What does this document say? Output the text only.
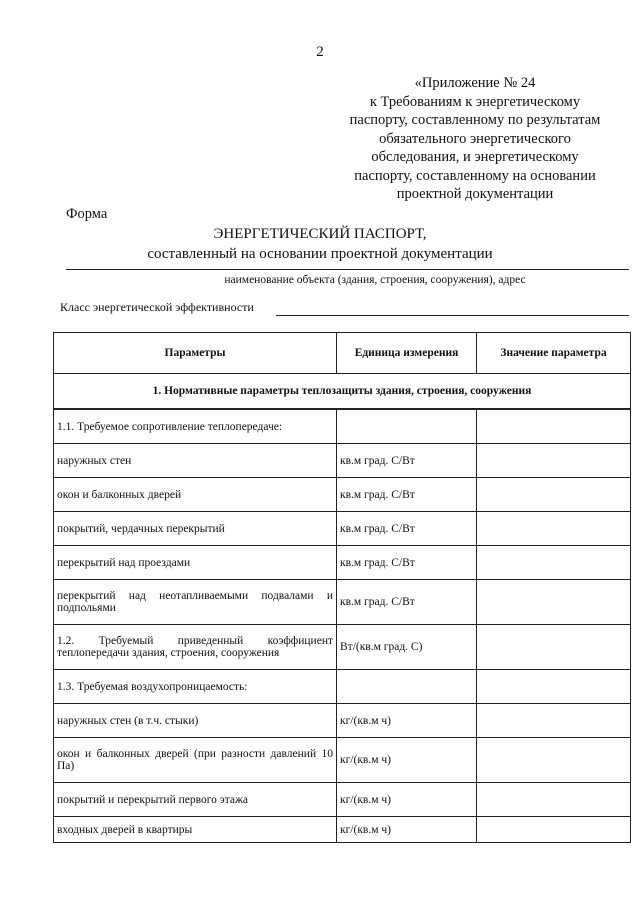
2
«Приложение № 24
к Требованиям к энергетическому
паспорту, составленному по результатам
обязательного энергетического
обследования, и энергетическому
паспорту, составленному на основании
проектной документации
Форма
ЭНЕРГЕТИЧЕСКИЙ ПАСПОРТ,
составленный на основании проектной документации
наименование объекта (здания, строения, сооружения), адрес
Класс энергетической эффективности
Параметры	Единица измерения	Значение параметра
1. Нормативные параметры теплозащиты здания, строения, сооружения		
1.1. Требуемое сопротивление теплопередаче:		
наружных стен	кв.м град. С/Вт	
окон и балконных дверей	кв.м град. С/Вт	
покрытий, чердачных перекрытий	кв.м град. С/Вт	
перекрытий над проездами	кв.м град. С/Вт	
перекрытий над неотапливаемыми подвалами и подпольями	кв.м град. С/Вт	
1.2. Требуемый приведенный коэффициент теплопередачи здания, строения, сооружения	Вт/(кв.м град. С)	
1.3. Требуемая воздухопроницаемость:		
наружных стен (в т.ч. стыки)	кг/(кв.м ч)	
окон и балконных дверей (при разности давлений 10 Па)	кг/(кв.м ч)	
покрытий и перекрытий первого этажа	кг/(кв.м ч)	
входных дверей в квартиры	кг/(кв.м ч)	
